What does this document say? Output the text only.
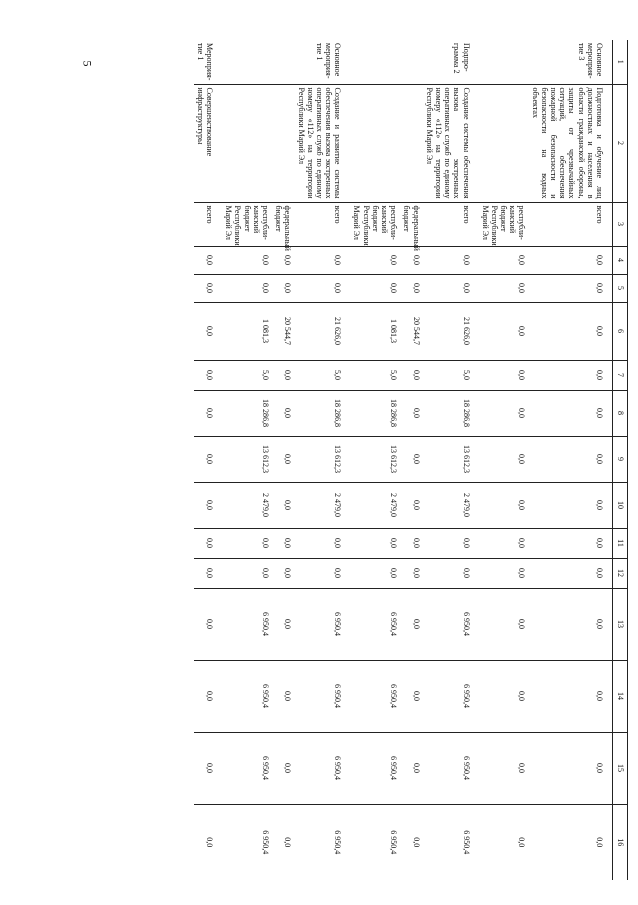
5	1	2	3	4	5	6	7	8	9	10	11	12	13	14	15	16
Основное мероприя-тие 3	Подготовка и обучение лиц должностных и населения в области гражданской обороны, защиты от чрезвычайных ситуаций, обеспечения пожарной безопасности и безопасности на водных объектах	всего	0,0	0,0	0,0	0,0	0,0	0,0	0,0	0,0	0,0	0,0	0,0	0,0	0,0
		республи-канский бюджет Республики Марий Эл	0,0	0,0	0,0	0,0	0,0	0,0	0,0	0,0	0,0	0,0	0,0	0,0	0,0
Подпро-грамма 2	Создание системы обеспечения вызова экстренных оперативных служб по единому номеру «112» на территории Республики Марий Эл	всего	0,0	0,0	21 626,0	5,0	18 286,8	13 612,3	2 479,0	0,0	0,0	6 950,4	6 950,4	6 950,4	6 950,4
		федеральный бюджет	0,0	0,0	20 544,7	0,0	0,0	0,0	0,0	0,0	0,0	0,0	0,0	0,0	0,0
		республи-канский бюджет Республики Марий Эл	0,0	0,0	1 081,3	5,0	18 286,8	13 612,3	2 479,0	0,0	0,0	6 950,4	6 950,4	6 950,4	6 950,4
Основное мероприя-тие 1	Создание и развитие системы обеспечения вызова экстренных оперативных служб по единому номеру «112» на территории Республики Марий Эл	всего	0,0	0,0	21 626,0	5,0	18 286,8	13 612,3	2 479,0	0,0	0,0	6 950,4	6 950,4	6 950,4	6 950,4
		федеральный бюджет	0,0	0,0	20 544,7	0,0	0,0	0,0	0,0	0,0	0,0	0,0	0,0	0,0	0,0
		республи-канский бюджет Республики Марий Эл	0,0	0,0	1 081,3	5,0	18 286,8	13 612,3	2 479,0	0,0	0,0	6 950,4	6 950,4	6 950,4	6 950,4
Мероприя-тие 1	Совершенствование инфраструктуры	всего	0,0	0,0	0,0	0,0	0,0	0,0	0,0	0,0	0,0	0,0	0,0	0,0	0,0
